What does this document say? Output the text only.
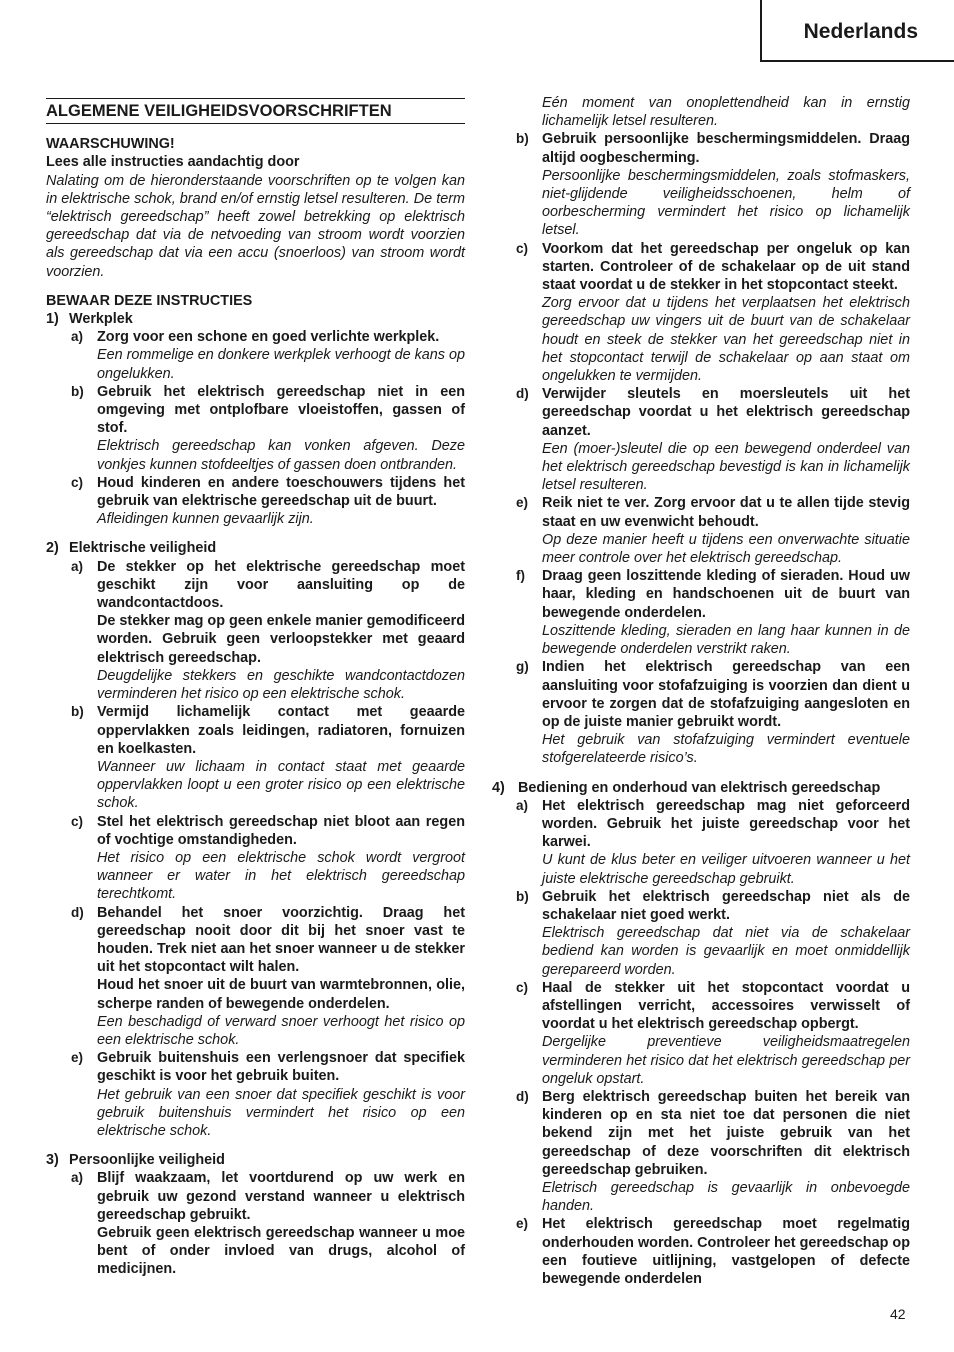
Nederlands
ALGEMENE VEILIGHEIDSVOORSCHRIFTEN

WAARSCHUWING!

Lees alle instructies aandachtig door

Nalating om de hieronderstaande voorschriften op te volgen kan in elektrische schok, brand en/of ernstig letsel resulteren. De term “elektrisch gereedschap” heeft zowel betrekking op elektrisch gereedschap dat via de netvoeding van stroom wordt voorzien als gereedschap dat via een accu (snoerloos) van stroom wordt voorzien.

BEWAAR DEZE INSTRUCTIES

1) Werkplek
a) Zorg voor een schone en goed verlichte werkplek.

Een rommelige en donkere werkplek verhoogt de kans op ongelukken.

b) Gebruik het elektrisch gereedschap niet in een omgeving met ontplofbare vloeistoffen, gassen of stof.

Elektrisch gereedschap kan vonken afgeven. Deze vonkjes kunnen stofdeeltjes of gassen doen ontbranden.

c) Houd kinderen en andere toeschouwers tijdens het gebruik van elektrische gereedschap uit de buurt.

Afleidingen kunnen gevaarlijk zijn.

2) Elektrische veiligheid
a) De stekker op het elektrische gereedschap moet geschikt zijn voor aansluiting op de wandcontactdoos.

De stekker mag op geen enkele manier gemodificeerd worden. Gebruik geen verloopstekker met geaard elektrisch gereedschap.

Deugdelijke stekkers en geschikte wandcontactdozen verminderen het risico op een elektrische schok.

b) Vermijd lichamelijk contact met geaarde oppervlakken zoals leidingen, radiatoren, fornuizen en koelkasten.

Wanneer uw lichaam in contact staat met geaarde oppervlakken loopt u een groter risico op een elektrische schok.

c) Stel het elektrisch gereedschap niet bloot aan regen of vochtige omstandigheden.

Het risico op een elektrische schok wordt vergroot wanneer er water in het elektrisch gereedschap terechtkomt.

d) Behandel het snoer voorzichtig. Draag het gereedschap nooit door dit bij het snoer vast te houden. Trek niet aan het snoer wanneer u de stekker uit het stopcontact wilt halen.

Houd het snoer uit de buurt van warmtebronnen, olie, scherpe randen of bewegende onderdelen.

Een beschadigd of verward snoer verhoogt het risico op een elektrische schok.

e) Gebruik buitenshuis een verlengsnoer dat specifiek geschikt is voor het gebruik buiten.

Het gebruik van een snoer dat specifiek geschikt is voor gebruik buitenshuis vermindert het risico op een elektrische schok.

3) Persoonlijke veiligheid
a) Blijf waakzaam, let voortdurend op uw werk en gebruik uw gezond verstand wanneer u elektrisch gereedschap gebruikt.

Gebruik geen elektrisch gereedschap wanneer u moe bent of onder invloed van drugs, alcohol of medicijnen.

Eén moment van onoplettendheid kan in ernstig lichamelijk letsel resulteren.

b) Gebruik persoonlijke beschermingsmiddelen. Draag altijd oogbescherming.

Persoonlijke beschermingsmiddelen, zoals stofmaskers, niet-glijdende veiligheidsschoenen, helm of oorbescherming vermindert het risico op lichamelijk letsel.

c) Voorkom dat het gereedschap per ongeluk op kan starten. Controleer of de schakelaar op de uit stand staat voordat u de stekker in het stopcontact steekt.

Zorg ervoor dat u tijdens het verplaatsen het elektrisch gereedschap uw vingers uit de buurt van de schakelaar houdt en steek de stekker van het gereedschap niet in het stopcontact terwijl de schakelaar op aan staat om ongelukken te vermijden.

d) Verwijder sleutels en moersleutels uit het gereedschap voordat u het elektrisch gereedschap aanzet.

Een (moer-)sleutel die op een bewegend onderdeel van het elektrisch gereedschap bevestigd is kan in lichamelijk letsel resulteren.

e) Reik niet te ver. Zorg ervoor dat u te allen tijde stevig staat en uw evenwicht behoudt.

Op deze manier heeft u tijdens een onverwachte situatie meer controle over het elektrisch gereedschap.

f)	Draag geen loszittende kleding of sieraden. Houd uw haar, kleding en handschoenen uit de buurt van bewegende onderdelen.

Loszittende kleding, sieraden en lang haar kunnen in de bewegende onderdelen verstrikt raken.

g) Indien het elektrisch gereedschap van een aansluiting voor stofafzuiging is voorzien dan dient u ervoor te zorgen dat de stofafzuiging aangesloten en op de juiste manier gebruikt wordt.

Het gebruik van stofafzuiging vermindert eventuele stofgerelateerde risico’s.

4) Bediening en onderhoud van elektrisch gereedschap
a) Het elektrisch gereedschap mag niet geforceerd worden. Gebruik het juiste gereedschap voor het karwei.

U kunt de klus beter en veiliger uitvoeren wanneer u het juiste elektrische gereedschap gebruikt.

b) Gebruik het elektrisch gereedschap niet als de schakelaar niet goed werkt.

Elektrisch gereedschap dat niet via de schakelaar bediend kan worden is gevaarlijk en moet onmiddellijk gerepareerd worden.

c) Haal de stekker uit het stopcontact voordat u afstellingen verricht, accessoires verwisselt of voordat u het elektrisch gereedschap opbergt.

Dergelijke preventieve veiligheidsmaatregelen verminderen het risico dat het elektrisch gereedschap per ongeluk opstart.

d) Berg elektrisch gereedschap buiten het bereik van kinderen op en sta niet toe dat personen die niet bekend zijn met het juiste gebruik van het gereedschap of deze voorschriften dit elektrisch gereedschap gebruiken.

Eletrisch gereedschap is gevaarlijk in onbevoegde handen.

e) Het elektrisch gereedschap moet regelmatig onderhouden worden. Controleer het gereedschap op een foutieve uitlijning, vastgelopen of defecte bewegende onderdelen

42
